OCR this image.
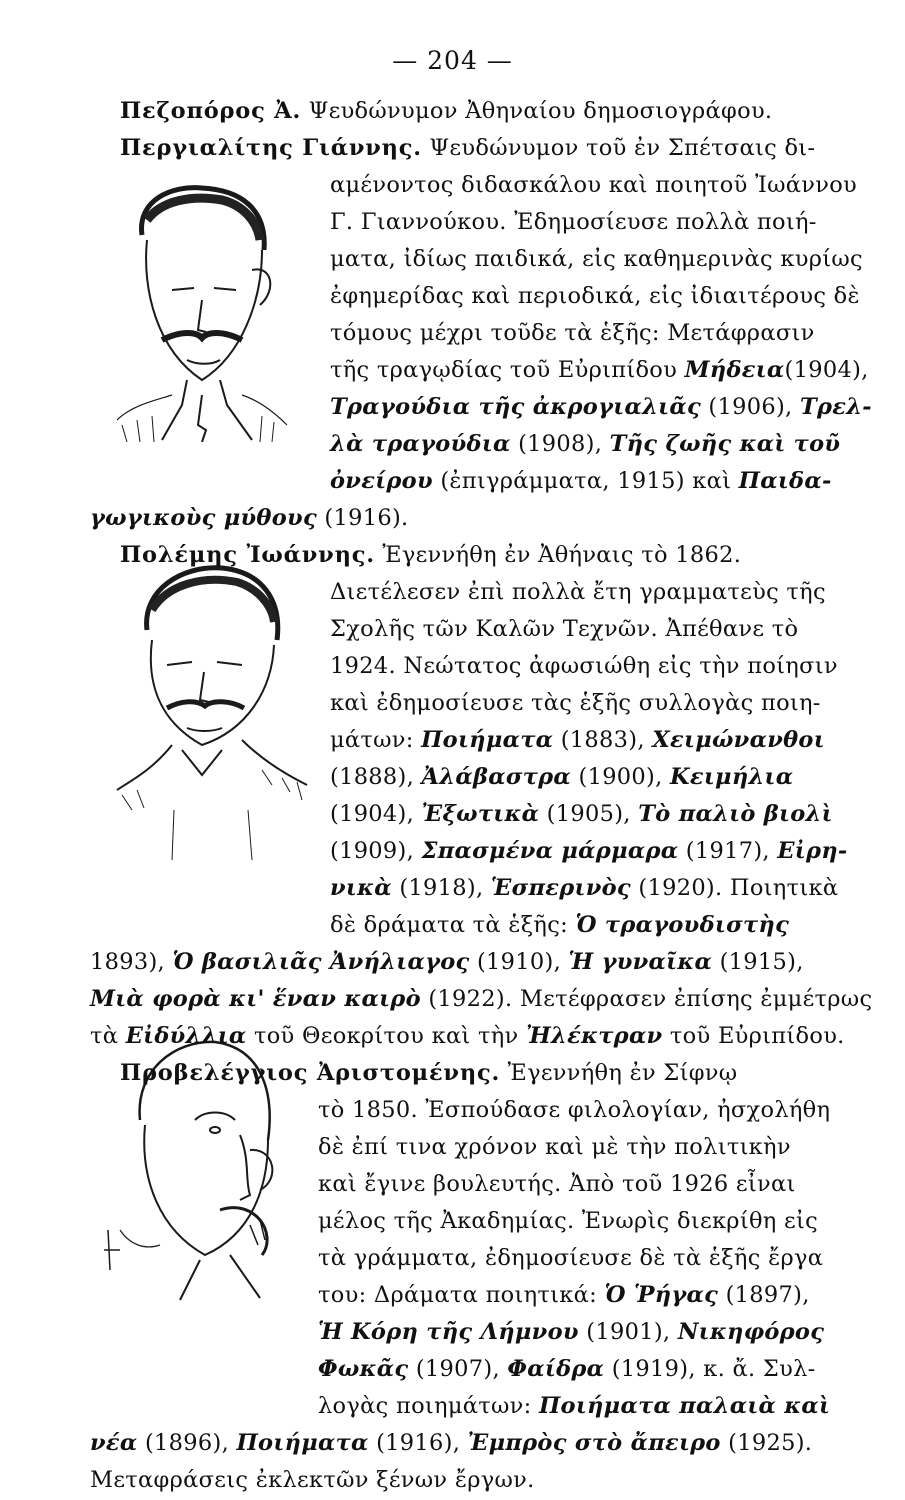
— 204 —
Πεζοπόρος Ἀ. Ψευδώνυμον Ἀθηναίου δημοσιογράφου.
Περγιαλίτης Γιάννης. Ψευδώνυμον τοῦ ἐν Σπέτσαις δι-
αμένοντος διδασκάλου καὶ ποιητοῦ Ἰωάννου
Γ. Γιαννούκου. Ἐδημοσίευσε πολλὰ ποιή-
ματα, ἰδίως παιδικά, εἰς καθημερινὰς κυρίως
ἐφημερίδας καὶ περιοδικά, εἰς ἰδιαιτέρους δὲ
τόμους μέχρι τοῦδε τὰ ἑξῆς: Μετάφρασιν
τῆς τραγῳδίας τοῦ Εὐριπίδου Μήδεια(1904),
Τραγούδια τῆς ἀκρογιαλιᾶς (1906), Τρελ-
λὰ τραγούδια (1908), Τῆς ζωῆς καὶ τοῦ
ὀνείρου (ἐπιγράμματα, 1915) καὶ Παιδα-
γωγικοὺς μύθους (1916).
Πολέμης Ἰωάννης. Ἐγεννήθη ἐν Ἀθήναις τὸ 1862.
Διετέλεσεν ἐπὶ πολλὰ ἔτη γραμματεὺς τῆς
Σχολῆς τῶν Καλῶν Τεχνῶν. Ἀπέθανε τὸ
1924. Νεώτατος ἀφωσιώθη εἰς τὴν ποίησιν
καὶ ἐδημοσίευσε τὰς ἑξῆς συλλογὰς ποιη-
μάτων: Ποιήματα (1883), Χειμώνανθοι
(1888), Ἀλάβαστρα (1900), Κειμήλια
(1904), Ἐξωτικὰ (1905), Τὸ παλιὸ βιολὶ
(1909), Σπασμένα μάρμαρα (1917), Εἰρη-
νικὰ (1918), Ἑσπερινὸς (1920). Ποιητικὰ
δὲ δράματα τὰ ἑξῆς: Ὁ τραγουδιστὴς
1893), Ὁ βασιλιᾶς Ἀνήλιαγος (1910), Ἡ γυναῖκα (1915),
Μιὰ φορὰ κι' ἕναν καιρὸ (1922). Μετέφρασεν ἐπίσης ἐμμέτρως
τὰ Εἰδύλλια τοῦ Θεοκρίτου καὶ τὴν Ἠλέκτραν τοῦ Εὐριπίδου.
Προβελέγγιος Ἀριστομένης. Ἐγεννήθη ἐν Σίφνῳ
τὸ 1850. Ἐσπούδασε φιλολογίαν, ἠσχολήθη
δὲ ἐπί τινα χρόνον καὶ μὲ τὴν πολιτικὴν
καὶ ἔγινε βουλευτής. Ἀπὸ τοῦ 1926 εἶναι
μέλος τῆς Ἀκαδημίας. Ἐνωρὶς διεκρίθη εἰς
τὰ γράμματα, ἐδημοσίευσε δὲ τὰ ἑξῆς ἔργα
του: Δράματα ποιητικά: Ὁ Ῥήγας (1897),
Ἡ Κόρη τῆς Λήμνου (1901), Νικηφόρος
Φωκᾶς (1907), Φαίδρα (1919), κ. ἄ. Συλ-
λογὰς ποιημάτων: Ποιήματα παλαιὰ καὶ
νέα (1896), Ποιήματα (1916), Ἐμπρὸς στὸ ἄπειρο (1925).
Μεταφράσεις ἐκλεκτῶν ξένων ἔργων.
